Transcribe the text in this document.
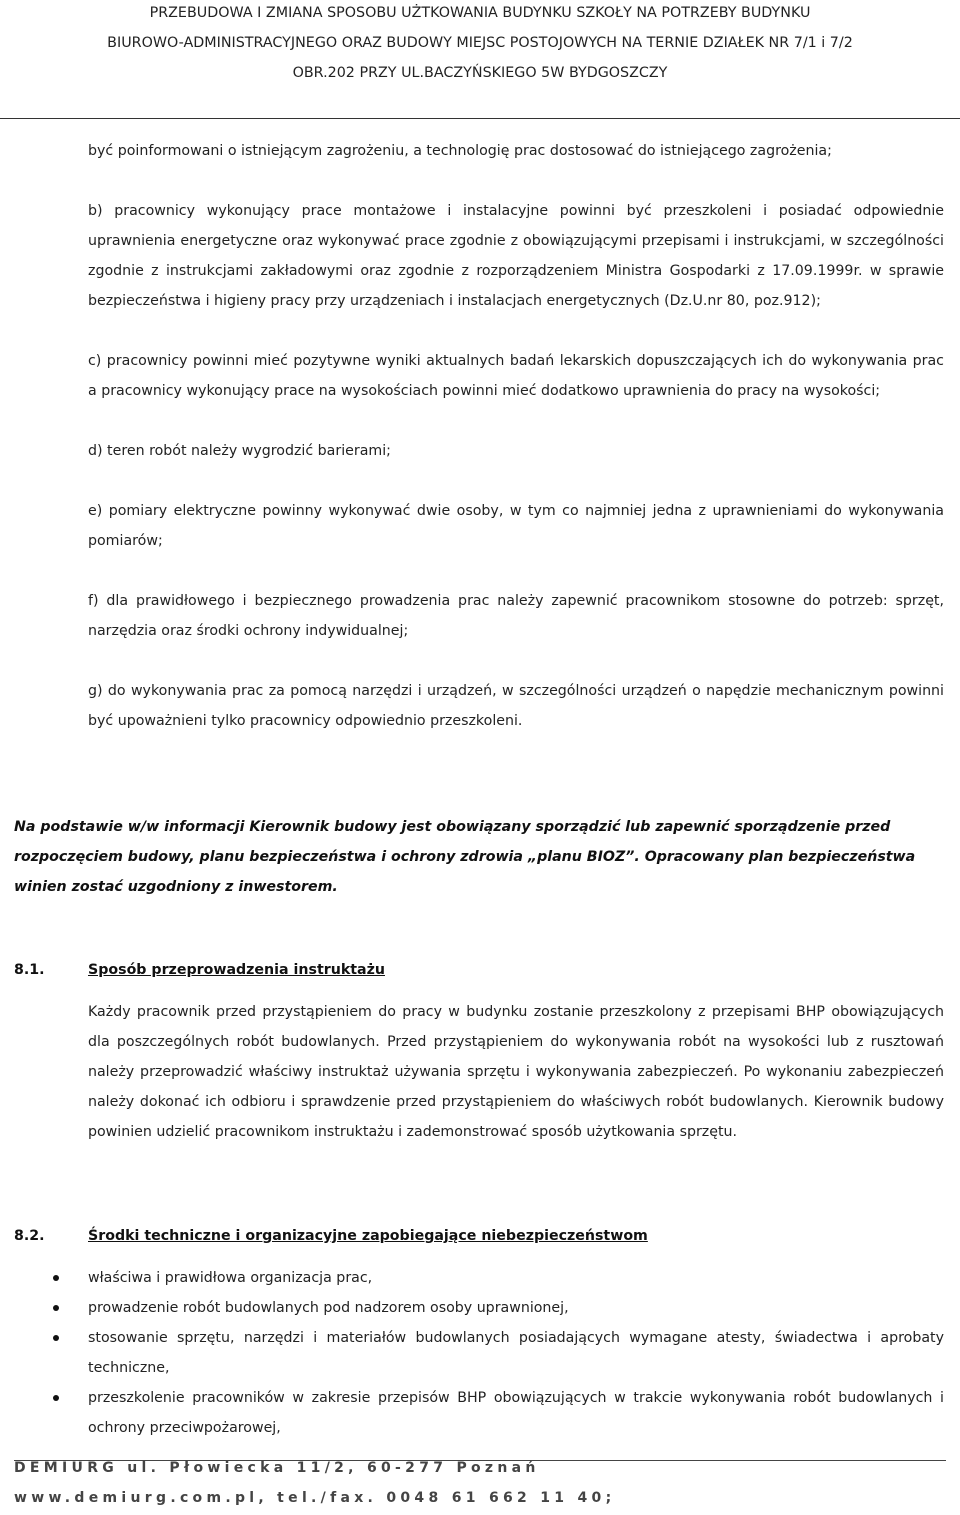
PRZEBUDOWA I ZMIANA SPOSOBU UŻTKOWANIA BUDYNKU SZKOŁY NA POTRZEBY BUDYNKU
BIUROWO-ADMINISTRACYJNEGO ORAZ BUDOWY MIEJSC POSTOJOWYCH NA TERNIE DZIAŁEK NR 7/1 i 7/2
OBR.202 PRZY UL.BACZYŃSKIEGO 5W BYDGOSZCZY

być poinformowani o istniejącym zagrożeniu, a technologię prac dostosować do istniejącego zagrożenia;

b) pracownicy wykonujący prace montażowe i instalacyjne powinni być przeszkoleni i posiadać odpowiednie uprawnienia energetyczne oraz wykonywać prace zgodnie z obowiązującymi przepisami i instrukcjami, w szczególności zgodnie z instrukcjami zakładowymi oraz zgodnie z rozporządzeniem Ministra Gospodarki z 17.09.1999r. w sprawie bezpieczeństwa i higieny pracy przy urządzeniach i instalacjach energetycznych (Dz.U.nr 80, poz.912);

c) pracownicy powinni mieć pozytywne wyniki aktualnych badań lekarskich dopuszczających ich do wykonywania prac a pracownicy wykonujący prace na wysokościach powinni mieć dodatkowo uprawnienia do pracy na wysokości;

d) teren robót należy wygrodzić barierami;

e) pomiary elektryczne powinny wykonywać dwie osoby, w tym co najmniej jedna z uprawnieniami do wykonywania pomiarów;

f) dla prawidłowego i bezpiecznego prowadzenia prac należy zapewnić pracownikom stosowne do potrzeb: sprzęt, narzędzia oraz środki ochrony indywidualnej;

g) do wykonywania prac za pomocą narzędzi i urządzeń, w szczególności urządzeń o napędzie mechanicznym powinni być upoważnieni tylko pracownicy odpowiednio przeszkoleni.

Na podstawie w/w informacji Kierownik budowy jest obowiązany sporządzić lub zapewnić sporządzenie przed rozpoczęciem budowy, planu bezpieczeństwa i ochrony zdrowia „planu BIOZ”. Opracowany plan bezpieczeństwa winien zostać uzgodniony z inwestorem.

8.1.	Sposób przeprowadzenia instruktażu

Każdy pracownik przed przystąpieniem do pracy w budynku zostanie przeszkolony z przepisami BHP obowiązujących dla poszczególnych robót budowlanych. Przed przystąpieniem do wykonywania robót na wysokości lub z rusztowań należy przeprowadzić właściwy instruktaż używania sprzętu i wykonywania zabezpieczeń. Po wykonaniu zabezpieczeń należy dokonać ich odbioru i sprawdzenie przed przystąpieniem do właściwych robót budowlanych. Kierownik budowy powinien udzielić pracownikom instruktażu i zademonstrować sposób użytkowania sprzętu.

8.2.	Środki techniczne i organizacyjne zapobiegające niebezpieczeństwom
właściwa i prawidłowa organizacja prac,
prowadzenie robót budowlanych pod nadzorem osoby uprawnionej,
stosowanie sprzętu, narzędzi i materiałów budowlanych posiadających wymagane atesty, świadectwa i aprobaty techniczne,
przeszkolenie pracowników w zakresie przepisów BHP obowiązujących w trakcie wykonywania robót budowlanych i ochrony przeciwpożarowej,
DEMIURG ul. Płowiecka 11/2, 60-277 Poznań
www.demiurg.com.pl, tel./fax. 0048 61 662 11 40;
